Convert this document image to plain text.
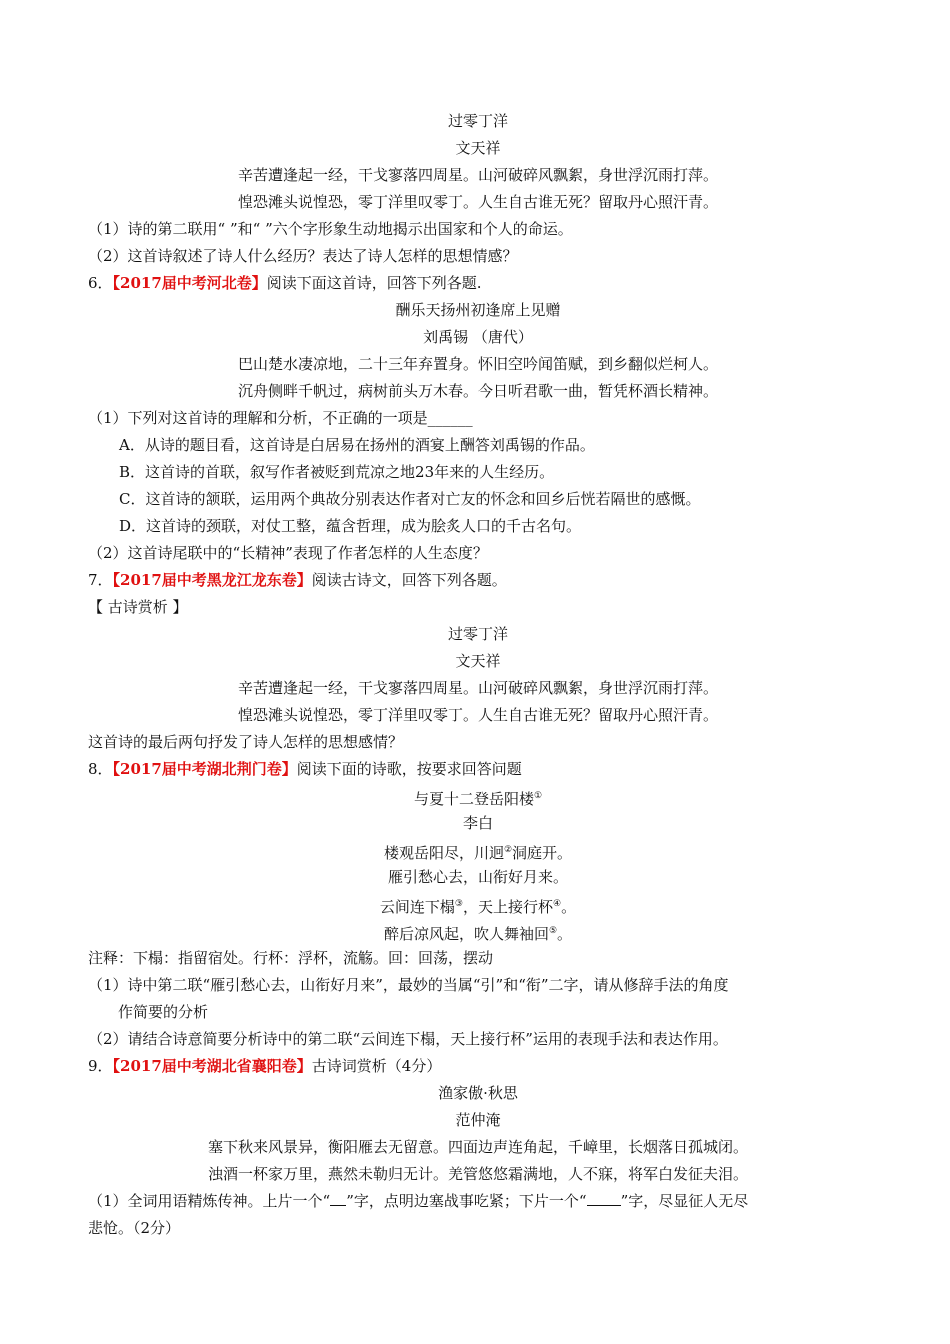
过零丁洋
文天祥
辛苦遭逢起一经，干戈寥落四周星。山河破碎风飘絮，身世浮沉雨打萍。
惶恐滩头说惶恐，零丁洋里叹零丁。人生自古谁无死？留取丹心照汗青。
（1）诗的第二联用“ ”和“ ”六个字形象生动地揭示出国家和个人的命运。
（2）这首诗叙述了诗人什么经历？表达了诗人怎样的思想情感？
6．【2017届中考河北卷】阅读下面这首诗，回答下列各题.
酬乐天扬州初逢席上见赠
刘禹锡 （唐代）
巴山楚水凄凉地，二十三年弃置身。怀旧空吟闻笛赋，到乡翻似烂柯人。
沉舟侧畔千帆过，病树前头万木春。今日听君歌一曲，暂凭杯酒长精神。
（1）下列对这首诗的理解和分析，不正确的一项是______
A．从诗的题目看，这首诗是白居易在扬州的酒宴上酬答刘禹锡的作品。
B．这首诗的首联，叙写作者被贬到荒凉之地23年来的人生经历。
C．这首诗的颔联，运用两个典故分别表达作者对亡友的怀念和回乡后恍若隔世的感慨。
D．这首诗的颈联，对仗工整，蕴含哲理，成为脍炙人口的千古名句。
（2）这首诗尾联中的“长精神”表现了作者怎样的人生态度？
7．【2017届中考黑龙江龙东卷】阅读古诗文，回答下列各题。
【 古诗赏析 】
过零丁洋
文天祥
辛苦遭逢起一经，干戈寥落四周星。山河破碎风飘絮，身世浮沉雨打萍。
惶恐滩头说惶恐，零丁洋里叹零丁。人生自古谁无死？留取丹心照汗青。
这首诗的最后两句抒发了诗人怎样的思想感情？
8．【2017届中考湖北荆门卷】阅读下面的诗歌，按要求回答问题
与夏十二登岳阳楼①
李白
楼观岳阳尽，川迥②洞庭开。
雁引愁心去，山衔好月来。
云间连下榻③，天上接行杯④。
醉后凉风起，吹人舞袖回⑤。
注释：下榻：指留宿处。行杯：浮杯，流觞。回：回荡，摆动
（1）诗中第二联“雁引愁心去，山衔好月来”，最妙的当属“引”和“衔”二字，请从修辞手法的角度
作简要的分析
（2）请结合诗意简要分析诗中的第二联“云间连下榻，天上接行杯”运用的表现手法和表达作用。
9．【2017届中考湖北省襄阳卷】古诗词赏析（4分）
渔家傲·秋思
范仲淹
塞下秋来风景异，衡阳雁去无留意。四面边声连角起，千嶂里，长烟落日孤城闭。
浊酒一杯家万里，燕然未勒归无计。羌管悠悠霜满地，人不寐，将军白发征夫泪。
（1）全词用语精炼传神。上片一个“ ”字，点明边塞战事吃紧；下片一个“ ”字，尽显征人无尽
悲怆。（2分）
